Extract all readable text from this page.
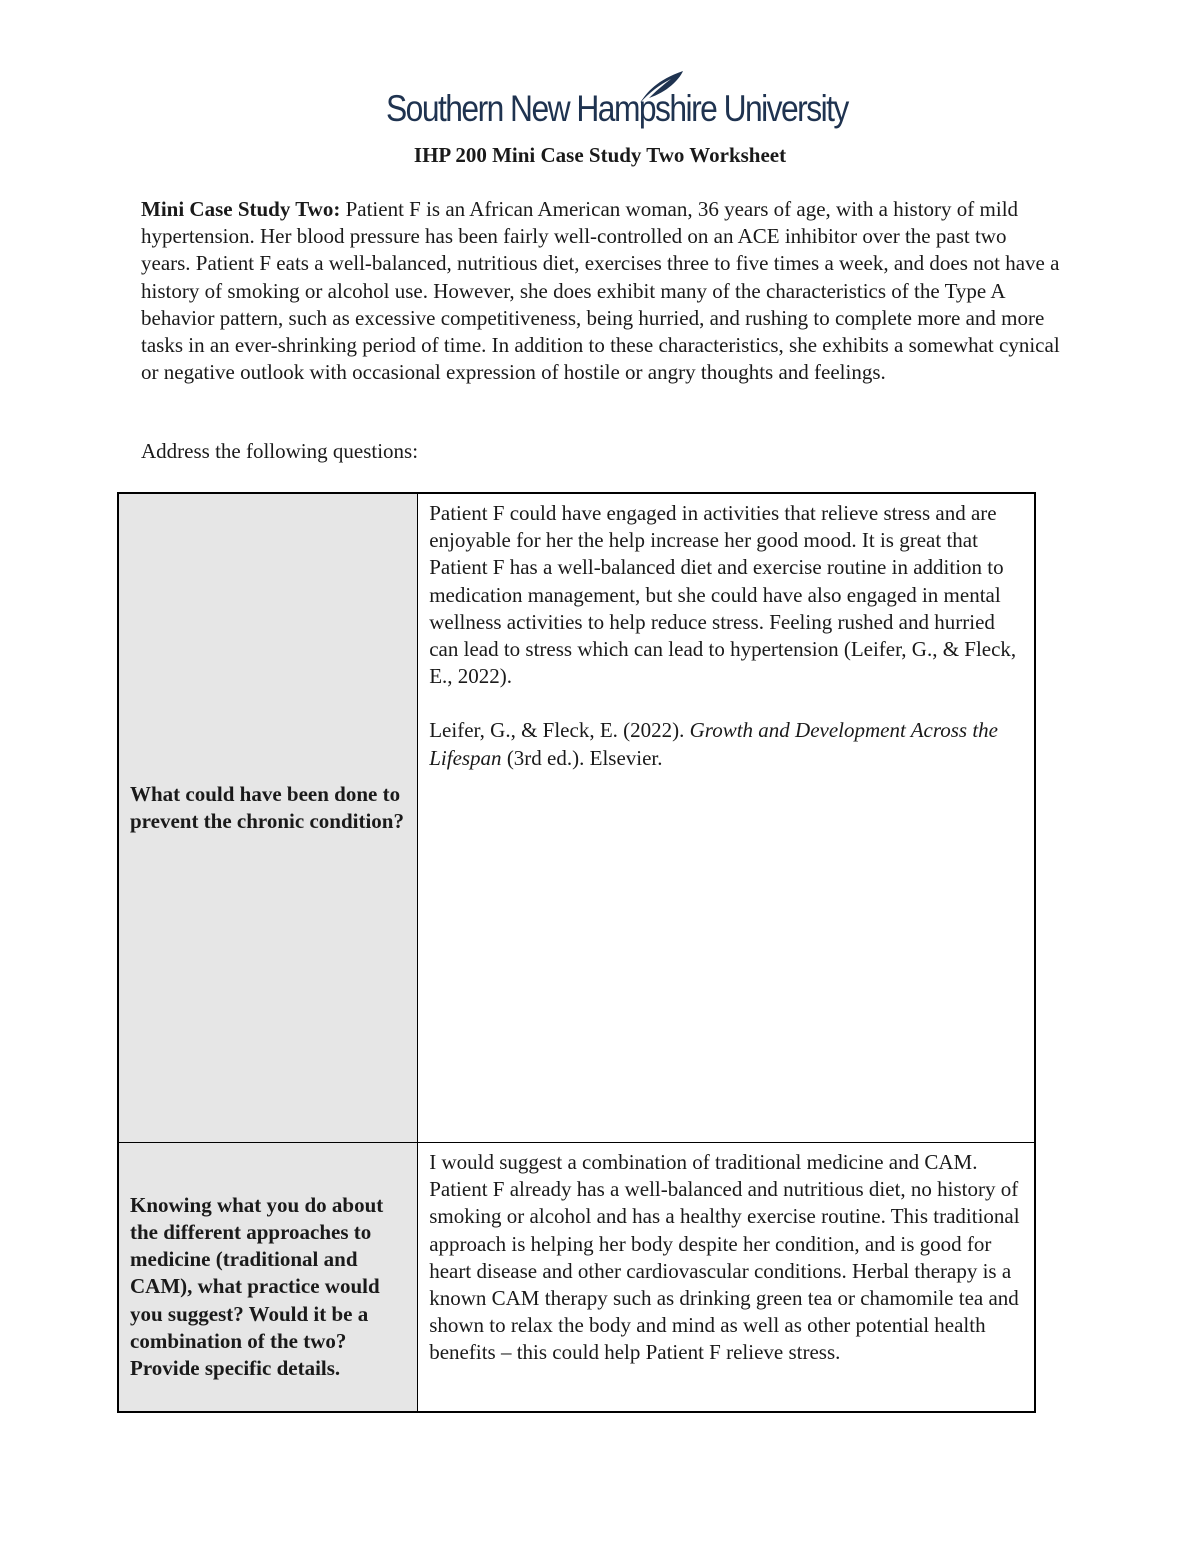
Southern New Hampshire University
IHP 200 Mini Case Study Two Worksheet

Mini Case Study Two: Patient F is an African American woman, 36 years of age, with a history of mild hypertension. Her blood pressure has been fairly well-controlled on an ACE inhibitor over the past two years. Patient F eats a well-balanced, nutritious diet, exercises three to five times a week, and does not have a history of smoking or alcohol use. However, she does exhibit many of the characteristics of the Type A behavior pattern, such as excessive competitiveness, being hurried, and rushing to complete more and more tasks in an ever-shrinking period of time. In addition to these characteristics, she exhibits a somewhat cynical or negative outlook with occasional expression of hostile or angry thoughts and feelings.

Address the following questions:

What could have been done to prevent the chronic condition?	Patient F could have engaged in activities that relieve stress and are enjoyable for her the help increase her good mood. It is great that Patient F has a well-balanced diet and exercise routine in addition to medication management, but she could have also engaged in mental wellness activities to help reduce stress. Feeling rushed and hurried can lead to stress which can lead to hypertension (Leifer, G., & Fleck, E., 2022).
Leifer, G., & Fleck, E. (2022). Growth and Development Across the Lifespan (3rd ed.). Elsevier.

Knowing what you do about the different approaches to medicine (traditional and CAM), what practice would you suggest? Would it be a combination of the two? Provide specific details.	I would suggest a combination of traditional medicine and CAM. Patient F already has a well-balanced and nutritious diet, no history of smoking or alcohol and has a healthy exercise routine. This traditional approach is helping her body despite her condition, and is good for heart disease and other cardiovascular conditions. Herbal therapy is a known CAM therapy such as drinking green tea or chamomile tea and shown to relax the body and mind as well as other potential health benefits – this could help Patient F relieve stress.
